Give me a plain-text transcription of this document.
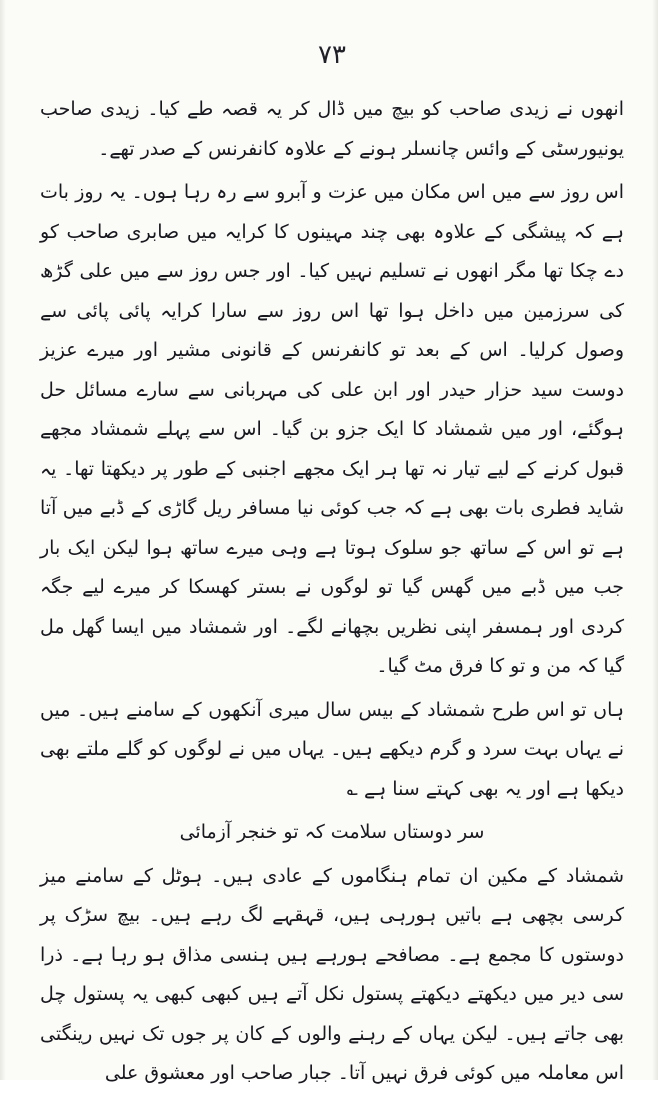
٧٣

انھوں نے زیدی صاحب کو بیچ میں ڈال کر یہ قصہ طے کیا۔ زیدی صاحب یونیورسٹی کے وائس چانسلر ہونے کے علاوہ کانفرنس کے صدر تھے۔

اس روز سے میں اس مکان میں عزت و آبرو سے رہ رہا ہوں۔ یہ روز بات ہے کہ پیشگی کے علاوہ بھی چند مہینوں کا کرایہ میں صابری صاحب کو دے چکا تھا مگر انھوں نے تسلیم نہیں کیا۔ اور جس روز سے میں علی گڑھ کی سرزمین میں داخل ہوا تھا اس روز سے سارا کرایہ پائی پائی سے وصول کرلیا۔ اس کے بعد تو کانفرنس کے قانونی مشیر اور میرے عزیز دوست سید حزار حیدر اور ابن علی کی مہربانی سے سارے مسائل حل ہوگئے، اور میں شمشاد کا ایک جزو بن گیا۔ اس سے پہلے شمشاد مجھے قبول کرنے کے لیے تیار نہ تھا ہر ایک مجھے اجنبی کے طور پر دیکھتا تھا۔ یہ شاید فطری بات بھی ہے کہ جب کوئی نیا مسافر ریل گاڑی کے ڈبے میں آتا ہے تو اس کے ساتھ جو سلوک ہوتا ہے وہی میرے ساتھ ہوا لیکن ایک بار جب میں ڈبے میں گھس گیا تو لوگوں نے بستر کھسکا کر میرے لیے جگہ کردی اور ہمسفر اپنی نظریں بچھانے لگے۔ اور شمشاد میں ایسا گھل مل گیا کہ من و تو کا فرق مٹ گیا۔

ہاں تو اس طرح شمشاد کے بیس سال میری آنکھوں کے سامنے ہیں۔ میں نے یہاں بہت سرد و گرم دیکھے ہیں۔ یہاں میں نے لوگوں کو گلے ملتے بھی دیکھا ہے اور یہ بھی کہتے سنا ہے ؎

سر دوستاں سلامت کہ تو خنجر آزمائی

شمشاد کے مکین ان تمام ہنگاموں کے عادی ہیں۔ ہوٹل کے سامنے میز کرسی بچھی ہے باتیں ہورہی ہیں، قہقہے لگ رہے ہیں۔ بیچ سڑک پر دوستوں کا مجمع ہے۔ مصافحے ہورہے ہیں ہنسی مذاق ہو رہا ہے۔ ذرا سی دیر میں دیکھتے دیکھتے پستول نکل آتے ہیں کبھی کبھی یہ پستول چل بھی جاتے ہیں۔ لیکن یہاں کے رہنے والوں کے کان پر جوں تک نہیں رینگتی اس معاملہ میں کوئی فرق نہیں آتا۔ جبار صاحب اور معشوق علی
